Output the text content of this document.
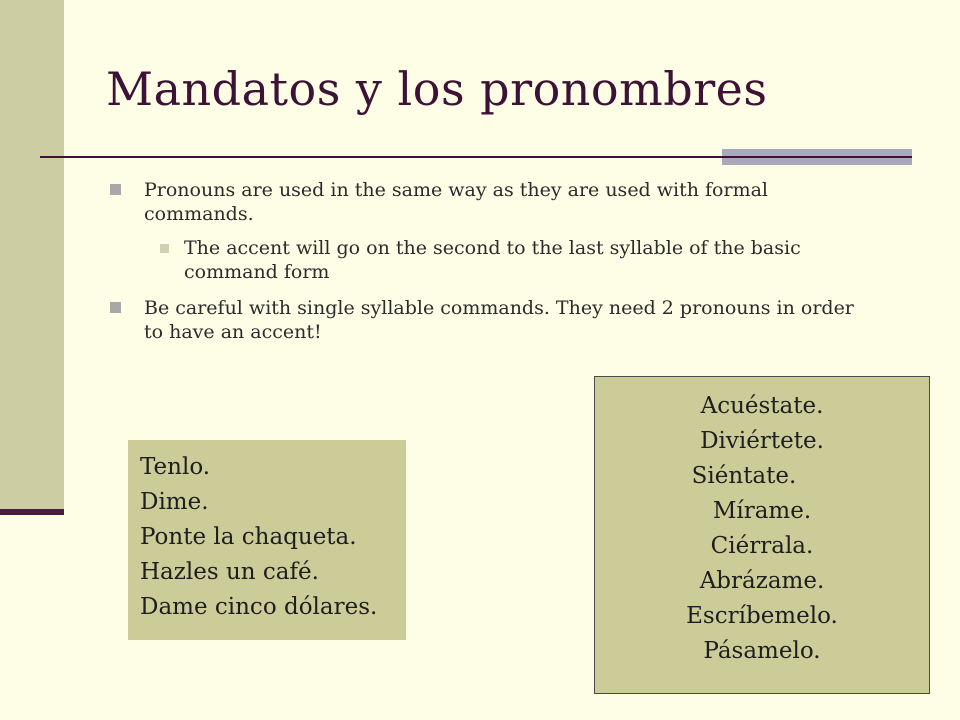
Mandatos y los pronombres
Pronouns are used in the same way as they are used with formal commands.
The accent will go on the second to the last syllable of the basic command form
Be careful with single syllable commands. They need 2 pronouns in order to have an accent!
Tenlo.
Dime.
Ponte la chaqueta.
Hazles un café.
Dame cinco dólares.
Acuéstate.
Diviértete.
Siéntate.
Mírame.
Ciérrala.
Abrázame.
Escríbemelo.
Pásamelo.
